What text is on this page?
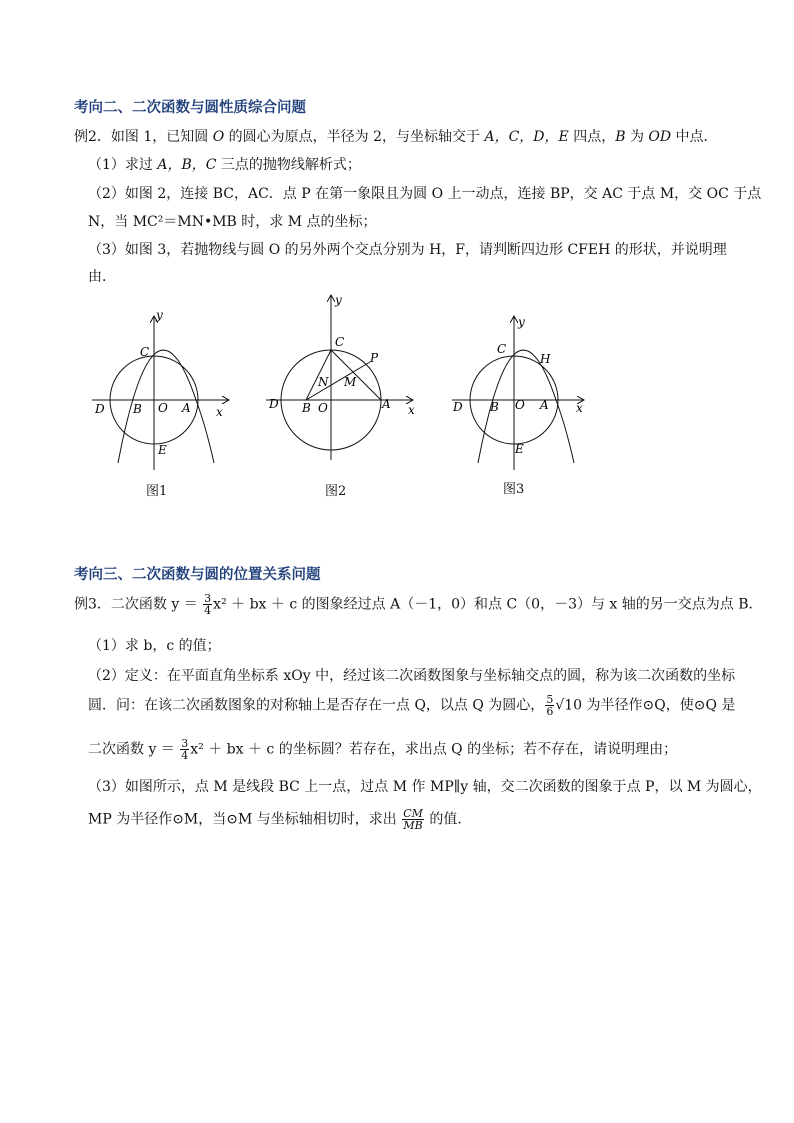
考向二、二次函数与圆性质综合问题
例2．如图 1，已知圆 O 的圆心为原点，半径为 2，与坐标轴交于 A，C，D，E 四点，B 为 OD 中点．
（1）求过 A，B，C 三点的抛物线解析式；
（2）如图 2，连接 BC，AC．点 P 在第一象限且为圆 O 上一动点，连接 BP，交 AC 于点 M，交 OC 于点
N，当 MC²＝MN•MB 时，求 M 点的坐标；
（3）如图 3，若抛物线与圆 O 的另外两个交点分别为 H，F，请判断四边形 CFEH 的形状，并说明理
由．
y
x
C
D B O A
E
图1
y
x
C
P
N M
D B O	A
图2
y
x
C
H
D B O A
E
图3
考向三、二次函数与圆的位置关系问题
例3．二次函数 $y = \frac{3}{4} x^2$ ＋ bx ＋ c 的图象经过点 A（－1，0）和点 C（0，－3）与 x 轴的另一交点为点 B．
（1）求 b，c 的值；
（2）定义：在平面直角坐标系 xOy 中，经过该二次函数图象与坐标轴交点的圆，称为该二次函数的坐标
圆．问：在该二次函数图象的对称轴上是否存在一点 Q，以点 Q 为圆心， $\frac{5}{6} √10$ 为半径作⊙Q，使⊙Q 是
二次函数 $y = \frac{3}{4} x^2$ ＋ bx ＋ c 的坐标圆？若存在，求出点 Q 的坐标；若不存在，请说明理由；
（3）如图所示，点 M 是线段 BC 上一点，过点 M 作 MP∥y 轴，交二次函数的图象于点 P，以 M 为圆心，
MP 为半径作⊙M，当⊙M 与坐标轴相切时，求出 $\frac{CM}{MB}$ 的值．
